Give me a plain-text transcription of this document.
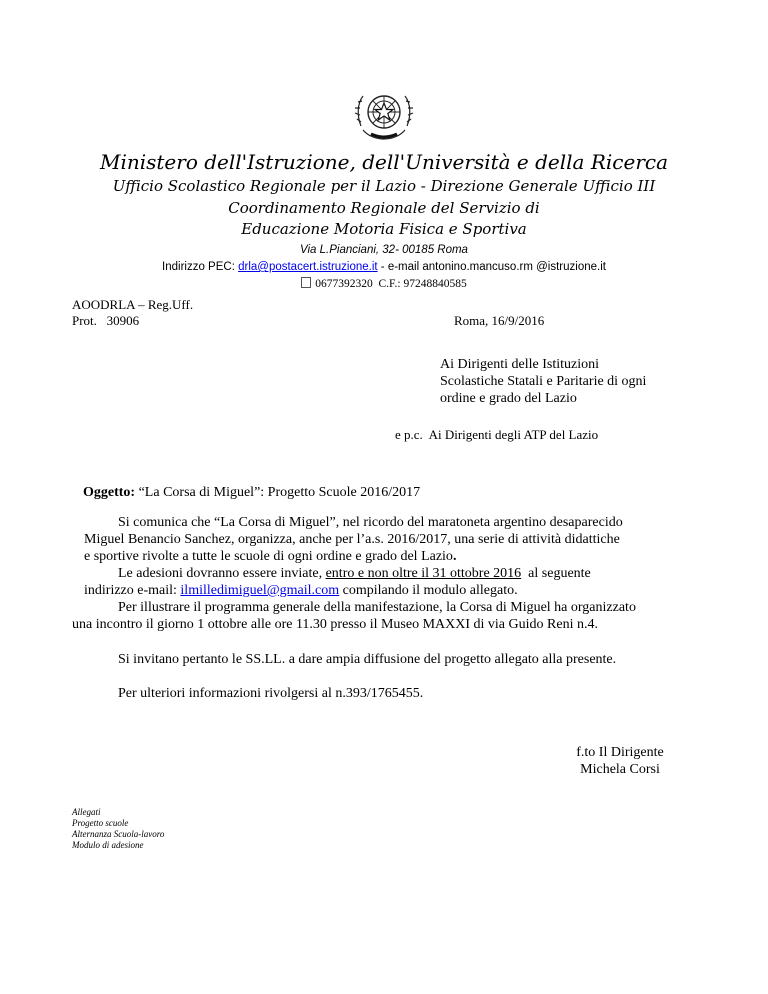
Ministero dell'Istruzione, dell'Università e della Ricerca
Ufficio Scolastico Regionale per il Lazio - Direzione Generale Ufficio III
Coordinamento Regionale del Servizio di
Educazione Motoria Fisica e Sportiva
Via L.Pianciani, 32- 00185 Roma
Indirizzo PEC: drla@postacert.istruzione.it - e-mail antonino.mancuso.rm @istruzione.it
0677392320 C.F.: 97248840585
AOODRLA – Reg.Uff.
Prot.   30906	Roma, 16/9/2016
Ai Dirigenti delle Istituzioni
Scolastiche Statali e Paritarie di ogni
ordine e grado del Lazio
e p.c.  Ai Dirigenti degli ATP del Lazio
Oggetto: “La Corsa di Miguel”: Progetto Scuole 2016/2017
Si comunica che “La Corsa di Miguel”, nel ricordo del maratoneta argentino desaparecido
Miguel Benancio Sanchez, organizza, anche per l’a.s. 2016/2017, una serie di attività didattiche
e sportive rivolte a tutte le scuole di ogni ordine e grado del Lazio.
Le adesioni dovranno essere inviate, entro e non oltre il 31 ottobre 2016  al seguente
indirizzo e-mail: ilmilledimiguel@gmail.com compilando il modulo allegato.
Per illustrare il programma generale della manifestazione, la Corsa di Miguel ha organizzato
una incontro il giorno 1 ottobre alle ore 11.30 presso il Museo MAXXI di via Guido Reni n.4.
Si invitano pertanto le SS.LL. a dare ampia diffusione del progetto allegato alla presente.
Per ulteriori informazioni rivolgersi al n.393/1765455.
f.to Il Dirigente
Michela Corsi
Allegati
Progetto scuole
Alternanza Scuola-lavoro
Modulo di adesione
